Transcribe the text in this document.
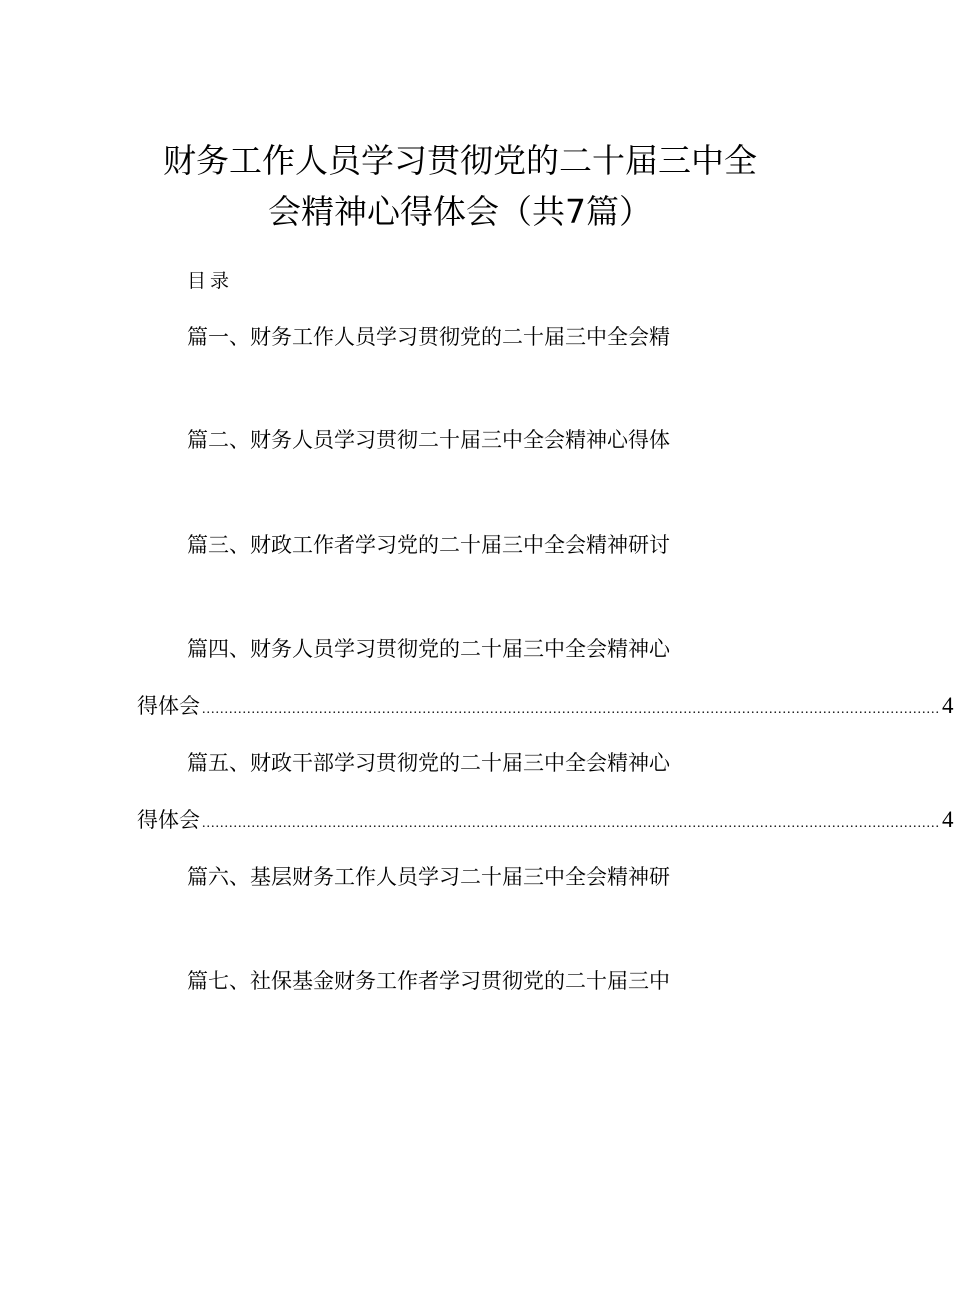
财务工作人员学习贯彻党的二十届三中全
会精神心得体会（共7篇）
目录
篇一、财务工作人员学习贯彻党的二十届三中全会精
篇二、财务人员学习贯彻二十届三中全会精神心得体
篇三、财政工作者学习党的二十届三中全会精神研讨
篇四、财务人员学习贯彻党的二十届三中全会精神心
得体会 .................................................................................................................................................................... 4
篇五、财政干部学习贯彻党的二十届三中全会精神心
得体会 .................................................................................................................................................................... 4
篇六、基层财务工作人员学习二十届三中全会精神研
篇七、社保基金财务工作者学习贯彻党的二十届三中
